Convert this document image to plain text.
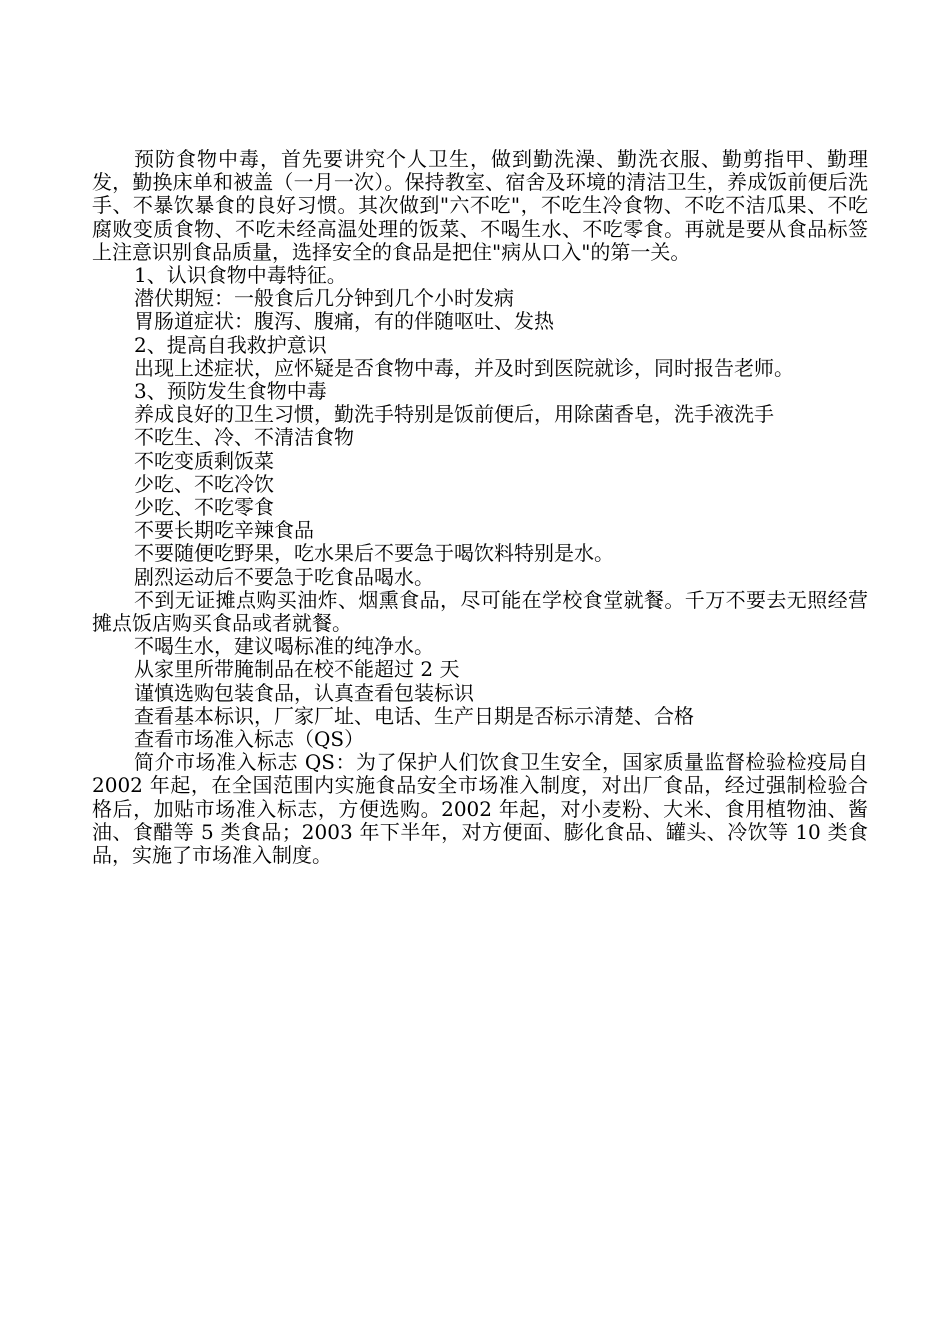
预防食物中毒，首先要讲究个人卫生，做到勤洗澡、勤洗衣服、勤剪指甲、勤理发，勤换床单和被盖（一月一次）。保持教室、宿舍及环境的清洁卫生，养成饭前便后洗手、不暴饮暴食的良好习惯。其次做到"六不吃"，不吃生冷食物、不吃不洁瓜果、不吃腐败变质食物、不吃未经高温处理的饭菜、不喝生水、不吃零食。再就是要从食品标签上注意识别食品质量，选择安全的食品是把住"病从口入"的第一关。

1、认识食物中毒特征。

潜伏期短：一般食后几分钟到几个小时发病

胃肠道症状：腹泻、腹痛，有的伴随呕吐、发热

2、提高自我救护意识

出现上述症状，应怀疑是否食物中毒，并及时到医院就诊，同时报告老师。

3、预防发生食物中毒

养成良好的卫生习惯，勤洗手特别是饭前便后，用除菌香皂，洗手液洗手

不吃生、冷、不清洁食物

不吃变质剩饭菜

少吃、不吃冷饮

少吃、不吃零食

不要长期吃辛辣食品

不要随便吃野果，吃水果后不要急于喝饮料特别是水。

剧烈运动后不要急于吃食品喝水。

不到无证摊点购买油炸、烟熏食品，尽可能在学校食堂就餐。千万不要去无照经营摊点饭店购买食品或者就餐。

不喝生水，建议喝标准的纯净水。

从家里所带腌制品在校不能超过 2 天

谨慎选购包装食品，认真查看包装标识

查看基本标识，厂家厂址、电话、生产日期是否标示清楚、合格

查看市场准入标志（QS）

简介市场准入标志 QS：为了保护人们饮食卫生安全，国家质量监督检验检疫局自 2002 年起，在全国范围内实施食品安全市场准入制度，对出厂食品，经过强制检验合格后，加贴市场准入标志，方便选购。2002 年起，对小麦粉、大米、食用植物油、酱油、食醋等 5 类食品；2003 年下半年，对方便面、膨化食品、罐头、冷饮等 10 类食品，实施了市场准入制度。
